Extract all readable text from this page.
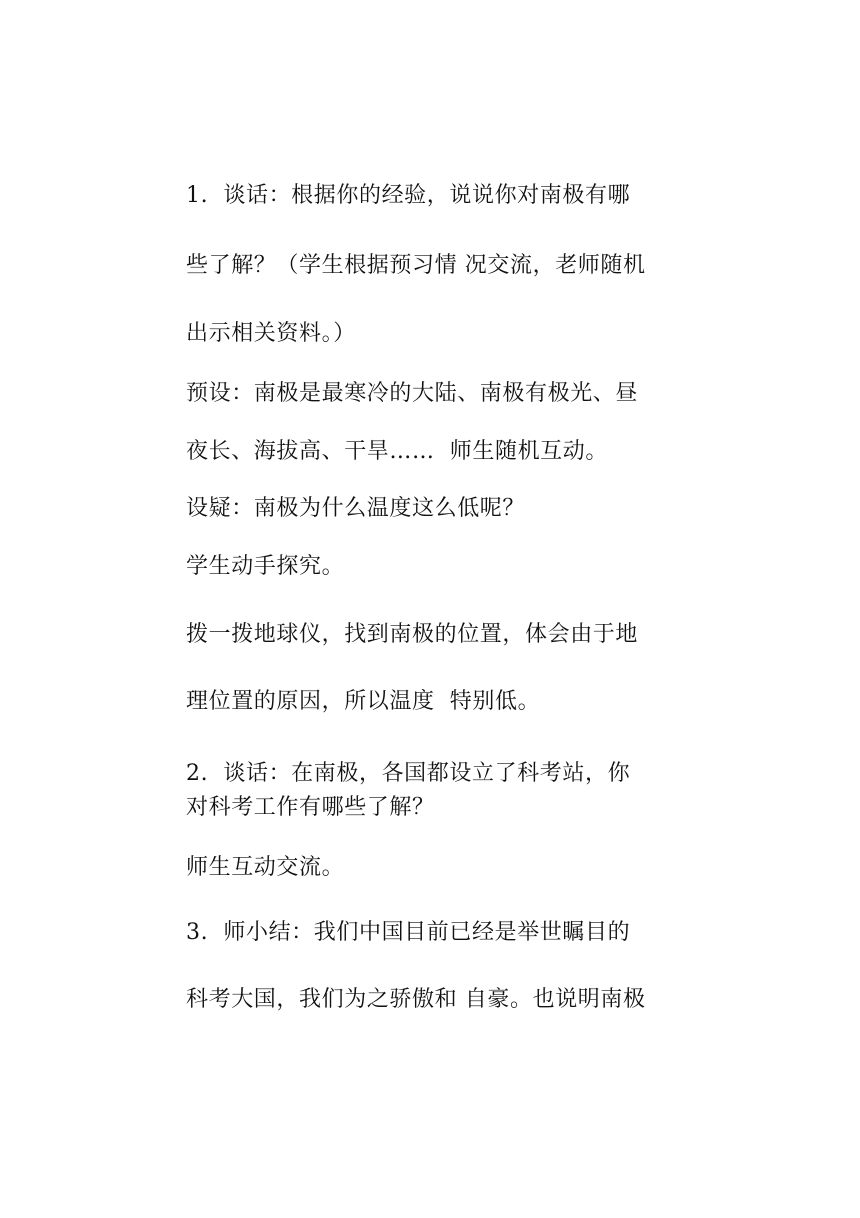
1.  谈话：根据你的经验，说说你对南极有哪
些了解？（学生根据预习情 况交流，老师随机
出示相关资料。）
预设：南极是最寒冷的大陆、南极有极光、昼
夜长、海拔高、干旱……  师生随机互动。
设疑：南极为什么温度这么低呢？
学生动手探究。
拨一拨地球仪，找到南极的位置，体会由于地
理位置的原因，所以温度  特别低。
2.  谈话：在南极，各国都设立了科考站，你
对科考工作有哪些了解？
师生互动交流。
3.  师小结：我们中国目前已经是举世瞩目的
科考大国，我们为之骄傲和 自豪。也说明南极
